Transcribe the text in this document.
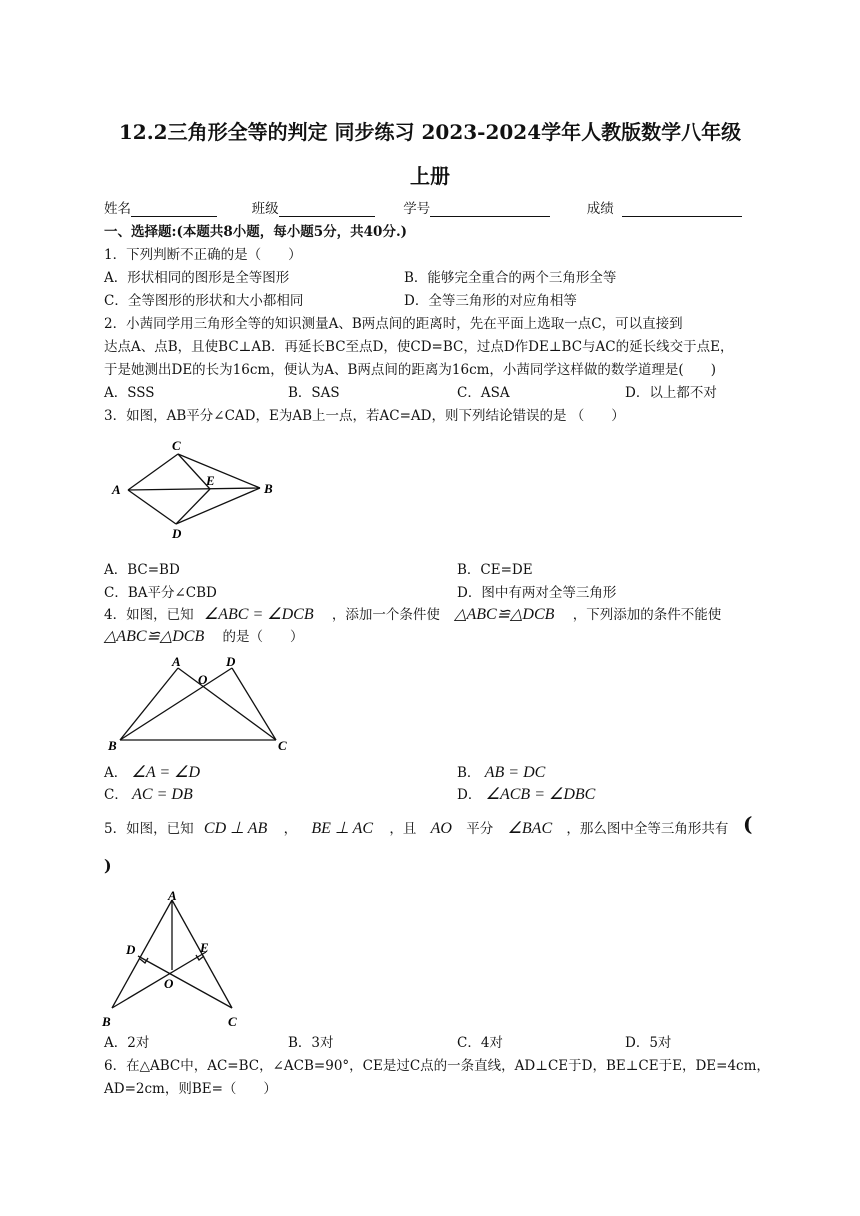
12.2三角形全等的判定 同步练习 2023-2024学年人教版数学八年级
上册
姓名	班级	学号	成绩
一、选择题:(本题共8小题，每小题5分，共40分.)
1．下列判断不正确的是（　　）
A．形状相同的图形是全等图形	B．能够完全重合的两个三角形全等
C．全等图形的形状和大小都相同	D．全等三角形的对应角相等
2．小茜同学用三角形全等的知识测量A、B两点间的距离时，先在平面上选取一点C，可以直接到
达点A、点B，且使BC⊥AB．再延长BC至点D，使CD=BC，过点D作DE⊥BC与AC的延长线交于点E，
于是她测出DE的长为16cm，便认为A、B两点间的距离为16cm，小茜同学这样做的数学道理是(　　)
A．SSS	B．SAS	C．ASA	D．以上都不对
3．如图，AB平分∠CAD，E为AB上一点，若AC=AD，则下列结论错误的是 （　　）
C
A
E
B
D
A．BC=BD	B．CE=DE
C．BA平分∠CBD	D．图中有两对全等三角形
4．如图，已知 ∠ABC = ∠DCB ，添加一个条件使 △ABC≌△DCB ，下列添加的条件不能使
△ABC≌△DCB 的是（　　）
A	D
O
B	C
A． ∠A = ∠D	B． AB = DC
C． AC = DB	D． ∠ACB = ∠DBC
5．如图，已知 CD ⊥ AB ， BE ⊥ AC ，且 AO 平分 ∠BAC ，那么图中全等三角形共有 (
)
A
D	E
O
B	C
A．2对	B．3对	C．4对	D．5对
6．在△ABC中，AC=BC，∠ACB=90°，CE是过C点的一条直线，AD⊥CE于D，BE⊥CE于E，DE=4cm，
AD=2cm，则BE=（　　）
